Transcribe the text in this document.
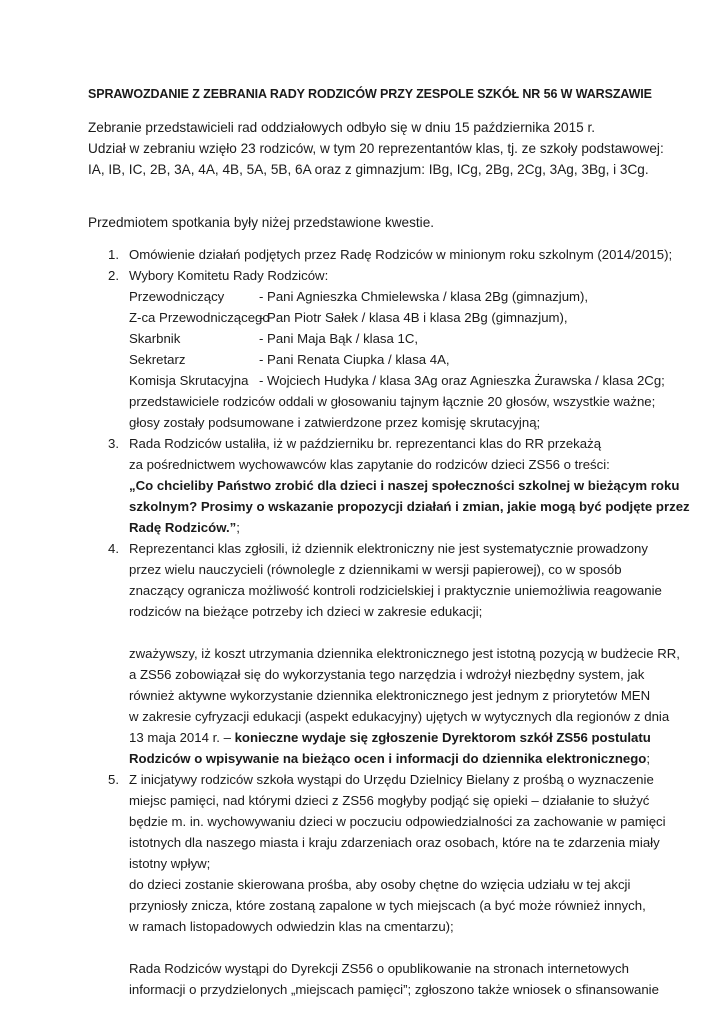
SPRAWOZDANIE Z ZEBRANIA RADY RODZICÓW PRZY ZESPOLE SZKÓŁ NR 56 W WARSZAWIE
Zebranie przedstawicieli rad oddziałowych odbyło się w dniu 15 października 2015 r.
Udział w zebraniu wzięło 23 rodziców, w tym 20 reprezentantów klas, tj. ze szkoły podstawowej:
IA, IB, IC, 2B, 3A, 4A, 4B, 5A, 5B, 6A oraz z gimnazjum: IBg, ICg, 2Bg, 2Cg, 3Ag, 3Bg, i 3Cg.
Przedmiotem spotkania były niżej przedstawione kwestie.
1. Omówienie działań podjętych przez Radę Rodziców w minionym roku szkolnym (2014/2015);
2. Wybory Komitetu Rady Rodziców:
Przewodniczący	- Pani Agnieszka Chmielewska / klasa 2Bg (gimnazjum),
Z-ca Przewodniczącego- Pan Piotr Sałek / klasa 4B i klasa 2Bg (gimnazjum),
Skarbnik	- Pani Maja Bąk / klasa 1C,
Sekretarz	- Pani Renata Ciupka / klasa 4A,
Komisja Skrutacyjna - Wojciech Hudyka / klasa 3Ag oraz Agnieszka Żurawska / klasa 2Cg;
przedstawiciele rodziców oddali w głosowaniu tajnym łącznie 20 głosów, wszystkie ważne;
głosy zostały podsumowane i zatwierdzone przez komisję skrutacyjną;
3. Rada Rodziców ustaliła, iż w październiku br. reprezentanci klas do RR przekażą
za pośrednictwem wychowawców klas zapytanie do rodziców dzieci ZS56 o treści:
„Co chcieliby Państwo zrobić dla dzieci i naszej społeczności szkolnej w bieżącym roku
szkolnym? Prosimy o wskazanie propozycji działań i zmian, jakie mogą być podjęte przez
Radę Rodziców.”;
4. Reprezentanci klas zgłosili, iż dziennik elektroniczny nie jest systematycznie prowadzony
przez wielu nauczycieli (równolegle z dziennikami w wersji papierowej), co w sposób
znaczący ogranicza możliwość kontroli rodzicielskiej i praktycznie uniemożliwia reagowanie
rodziców na bieżące potrzeby ich dzieci w zakresie edukacji;
zważywszy, iż koszt utrzymania dziennika elektronicznego jest istotną pozycją w budżecie RR,
a ZS56 zobowiązał się do wykorzystania tego narzędzia i wdrożył niezbędny system, jak
również aktywne wykorzystanie dziennika elektronicznego jest jednym z priorytetów MEN
w zakresie cyfryzacji edukacji (aspekt edukacyjny) ujętych w wytycznych dla regionów z dnia
13 maja 2014 r. – konieczne wydaje się zgłoszenie Dyrektorom szkół ZS56 postulatu
Rodziców o wpisywanie na bieżąco ocen i informacji do dziennika elektronicznego;
5. Z inicjatywy rodziców szkoła wystąpi do Urzędu Dzielnicy Bielany z prośbą o wyznaczenie
miejsc pamięci, nad którymi dzieci z ZS56 mogłyby podjąć się opieki – działanie to służyć
będzie m. in. wychowywaniu dzieci w poczuciu odpowiedzialności za zachowanie w pamięci
istotnych dla naszego miasta i kraju zdarzeniach oraz osobach, które na te zdarzenia miały
istotny wpływ;
do dzieci zostanie skierowana prośba, aby osoby chętne do wzięcia udziału w tej akcji
przyniosły znicza, które zostaną zapalone w tych miejscach (a być może również innych,
w ramach listopadowych odwiedzin klas na cmentarzu);
Rada Rodziców wystąpi do Dyrekcji ZS56 o opublikowanie na stronach internetowych
informacji o przydzielonych „miejscach pamięci”; zgłoszono także wniosek o sfinansowanie
